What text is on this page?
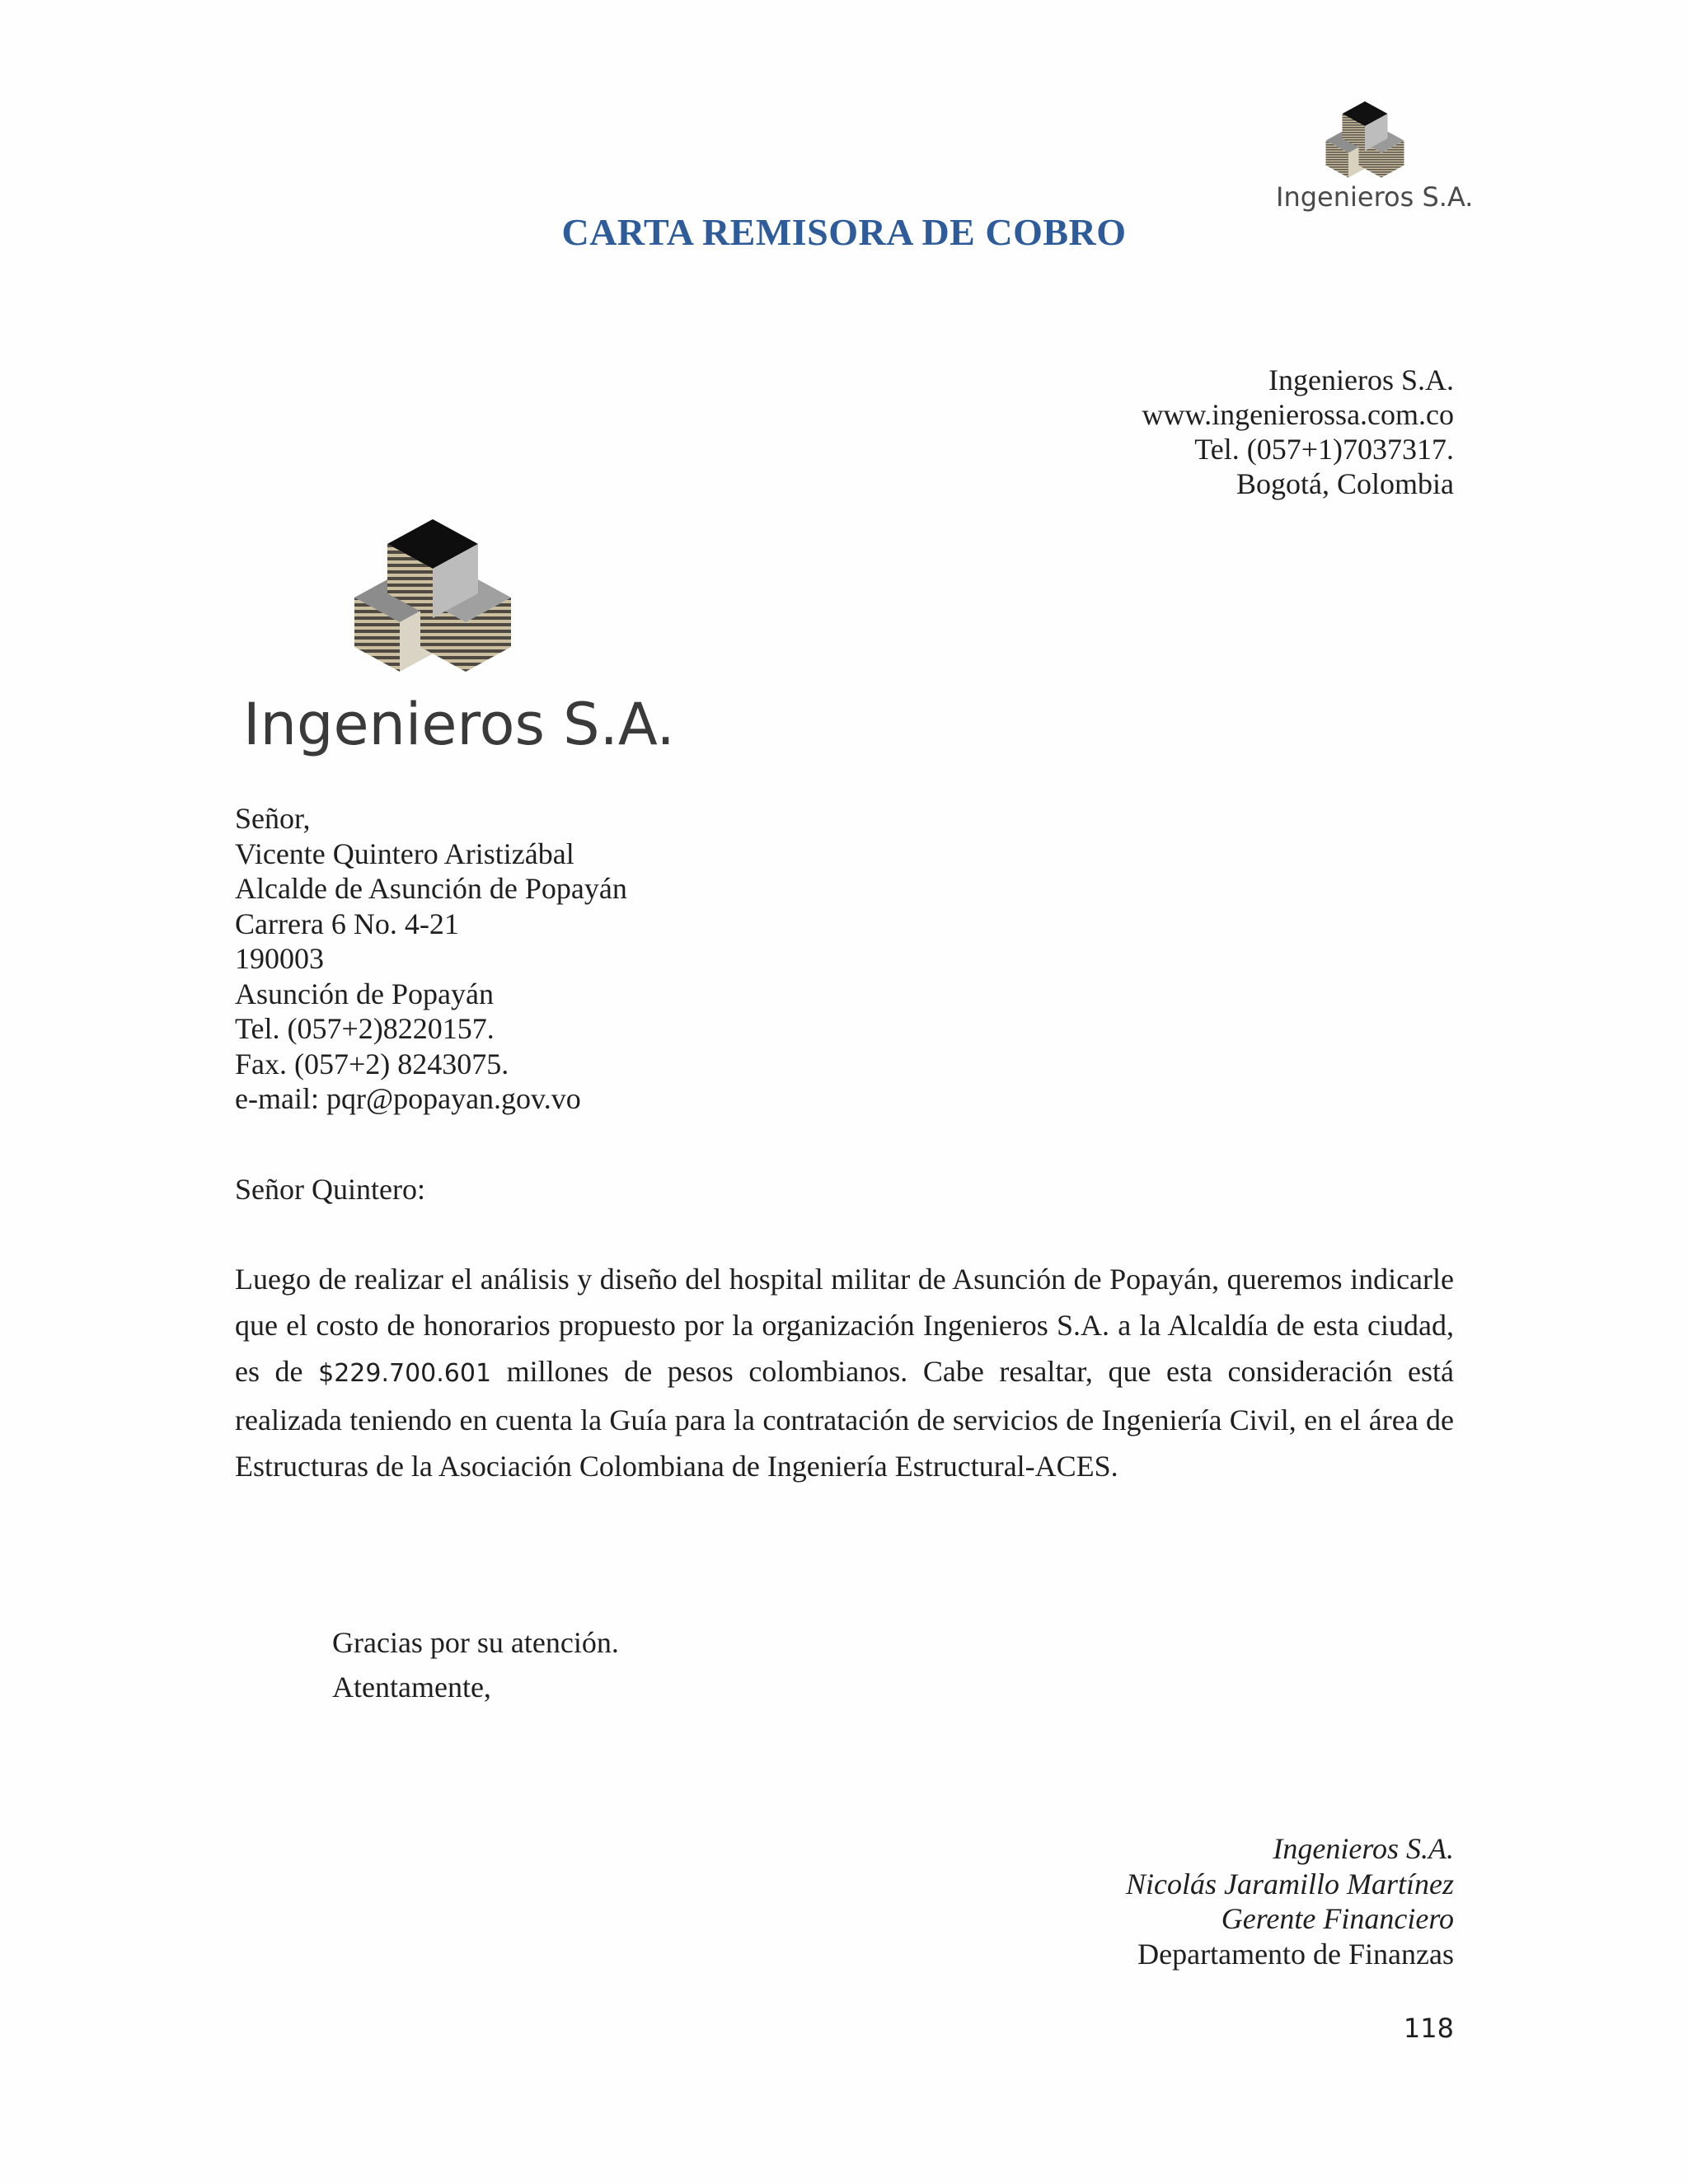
Ingenieros S.A.
CARTA REMISORA DE COBRO
Ingenieros S.A.
www.ingenierossa.com.co
Tel. (057+1)7037317.
Bogotá, Colombia
Ingenieros S.A.
Señor,
Vicente Quintero Aristizábal
Alcalde de Asunción de Popayán
Carrera 6 No. 4-21
190003
Asunción de Popayán
Tel. (057+2)8220157.
Fax. (057+2) 8243075.
e-mail: pqr@popayan.gov.vo
Señor Quintero:
Luego de realizar el análisis y diseño del hospital militar de Asunción de Popayán, queremos indicarle que el costo de honorarios propuesto por la organización Ingenieros S.A. a la Alcaldía de esta ciudad, es de $229.700.601 millones de pesos colombianos. Cabe resaltar, que esta consideración está realizada teniendo en cuenta la Guía para la contratación de servicios de Ingeniería Civil, en el área de Estructuras de la Asociación Colombiana de Ingeniería Estructural-ACES.
Gracias por su atención.
Atentamente,
Ingenieros S.A.
Nicolás Jaramillo Martínez
Gerente Financiero
Departamento de Finanzas
118
